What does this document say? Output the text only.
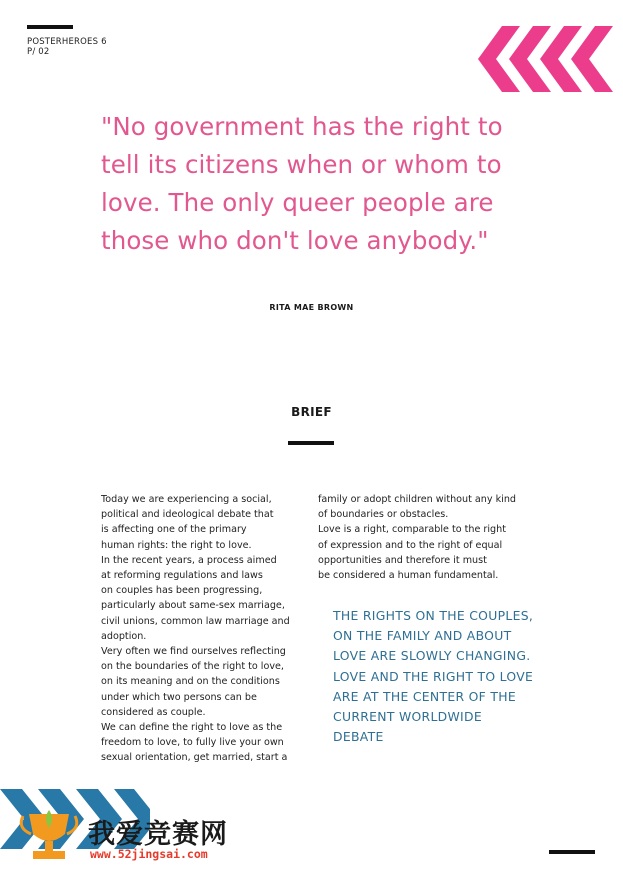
POSTERHEROES 6
P/ 02
"No government has the right to tell its citizens when or whom to love. The only queer people are those who don't love anybody."
RITA MAE BROWN
BRIEF
Today we are experiencing a social,
political and ideological debate that
is affecting one of the primary
human rights: the right to love.
In the recent years, a process aimed
at reforming regulations and laws
on couples has been progressing,
particularly about same-sex marriage,
civil unions, common law marriage and
adoption.
Very often we find ourselves reflecting
on the boundaries of the right to love,
on its meaning and on the conditions
under which two persons can be
considered as couple.
We can define the right to love as the
freedom to love, to fully live your own
sexual orientation, get married, start a
family or adopt children without any kind
of boundaries or obstacles.
Love is a right, comparable to the right
of expression and to the right of equal
opportunities and therefore it must
be considered a human fundamental.
THE RIGHTS ON THE COUPLES,
ON THE FAMILY AND ABOUT
LOVE ARE SLOWLY CHANGING.
LOVE AND THE RIGHT TO LOVE
ARE AT THE CENTER OF THE
CURRENT WORLDWIDE
DEBATE
我爱竞赛网
www.52jingsai.com
